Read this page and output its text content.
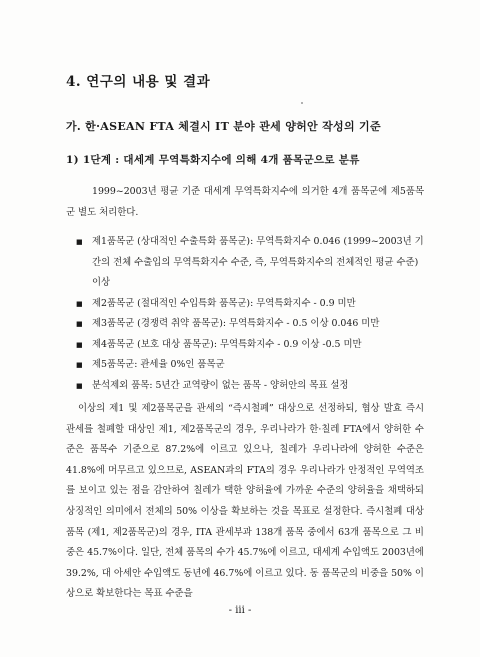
4. 연구의 내용 및 결과
가. 한·ASEAN FTA 체결시 IT 분야 관세 양허안 작성의 기준
1) 1단계 : 대세계 무역특화지수에 의해 4개 품목군으로 분류
1999~2003년 평균 기준 대세계 무역특화지수에 의거한 4개 품목군에 제5품목군 별도 처리한다.
■ 제1품목군 (상대적인 수출특화 품목군): 무역특화지수 0.046 (1999~2003년 기간의 전체 수출입의 무역특화지수 수준, 즉, 무역특화지수의 전체적인 평균 수준) 이상
■ 제2품목군 (절대적인 수입특화 품목군): 무역특화지수 - 0.9 미만
■ 제3품목군 (경쟁력 취약 품목군): 무역특화지수 - 0.5 이상 0.046 미만
■ 제4품목군 (보호 대상 품목군): 무역특화지수 - 0.9 이상 -0.5 미만
■ 제5품목군: 관세율 0%인 품목군
■ 분석제외 품목: 5년간 교역량이 없는 품목 - 양허안의 목표 설정
이상의 제1 및 제2품목군을 관세의 “즉시철폐” 대상으로 선정하되, 협상 발효 즉시 관세를 철폐할 대상인 제1, 제2품목군의 경우, 우리나라가 한·칠레 FTA에서 양허한 수준은 품목수 기준으로 87.2%에 이르고 있으나, 칠레가 우리나라에 양허한 수준은 41.8%에 머무르고 있으므로, ASEAN과의 FTA의 경우 우리나라가 안정적인 무역역조를 보이고 있는 점을 감안하여 칠레가 택한 양허율에 가까운 수준의 양허율을 채택하되 상징적인 의미에서 전체의 50% 이상을 확보하는 것을 목표로 설정한다. 즉시철폐 대상품목 (제1, 제2품목군)의 경우, ITA 관세부과 138개 품목 중에서 63개 품목으로 그 비중은 45.7%이다. 일단, 전체 품목의 수가 45.7%에 이르고, 대세계 수입액도 2003년에 39.2%, 대 아세안 수입액도 동년에 46.7%에 이르고 있다. 동 품목군의 비중을 50% 이상으로 확보한다는 목표 수준을
- iii -
